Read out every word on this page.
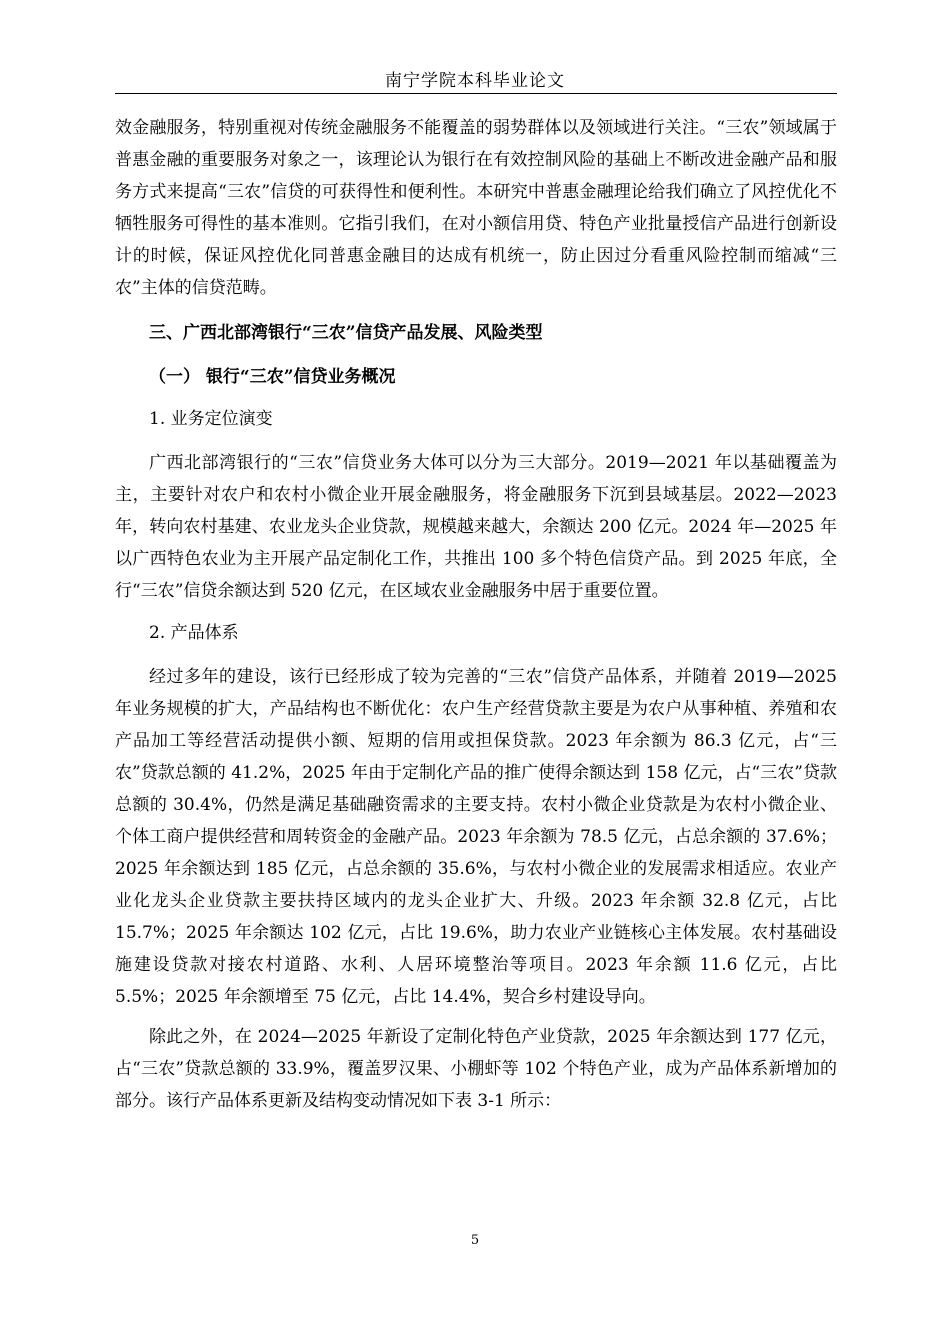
南宁学院本科毕业论文

效金融服务，特别重视对传统金融服务不能覆盖的弱势群体以及领域进行关注。“三农”领域属于普惠金融的重要服务对象之一，该理论认为银行在有效控制风险的基础上不断改进金融产品和服务方式来提高“三农”信贷的可获得性和便利性。本研究中普惠金融理论给我们确立了风控优化不牺牲服务可得性的基本准则。它指引我们，在对小额信用贷、特色产业批量授信产品进行创新设计的时候，保证风控优化同普惠金融目的达成有机统一，防止因过分看重风险控制而缩减“三农”主体的信贷范畴。

三、广西北部湾银行“三农”信贷产品发展、风险类型

（一） 银行“三农”信贷业务概况

1. 业务定位演变

广西北部湾银行的“三农”信贷业务大体可以分为三大部分。2019—2021 年以基础覆盖为主，主要针对农户和农村小微企业开展金融服务，将金融服务下沉到县域基层。2022—2023 年，转向农村基建、农业龙头企业贷款，规模越来越大，余额达 200 亿元。2024 年—2025 年以广西特色农业为主开展产品定制化工作，共推出 100 多个特色信贷产品。到 2025 年底，全行“三农”信贷余额达到 520 亿元，在区域农业金融服务中居于重要位置。

2. 产品体系

经过多年的建设，该行已经形成了较为完善的“三农”信贷产品体系，并随着 2019—2025 年业务规模的扩大，产品结构也不断优化：农户生产经营贷款主要是为农户从事种植、养殖和农产品加工等经营活动提供小额、短期的信用或担保贷款。2023 年余额为 86.3 亿元，占“三农”贷款总额的 41.2%，2025 年由于定制化产品的推广使得余额达到 158 亿元，占“三农”贷款总额的 30.4%，仍然是满足基础融资需求的主要支持。农村小微企业贷款是为农村小微企业、个体工商户提供经营和周转资金的金融产品。2023 年余额为 78.5 亿元，占总余额的 37.6%；2025 年余额达到 185 亿元，占总余额的 35.6%，与农村小微企业的发展需求相适应。农业产业化龙头企业贷款主要扶持区域内的龙头企业扩大、升级。2023 年余额 32.8 亿元，占比 15.7%；2025 年余额达 102 亿元，占比 19.6%，助力农业产业链核心主体发展。农村基础设施建设贷款对接农村道路、水利、人居环境整治等项目。2023 年余额 11.6 亿元，占比 5.5%；2025 年余额增至 75 亿元，占比 14.4%，契合乡村建设导向。

除此之外，在 2024—2025 年新设了定制化特色产业贷款，2025 年余额达到 177 亿元，占“三农”贷款总额的 33.9%，覆盖罗汉果、小棚虾等 102 个特色产业，成为产品体系新增加的部分。该行产品体系更新及结构变动情况如下表 3-1 所示：

5
